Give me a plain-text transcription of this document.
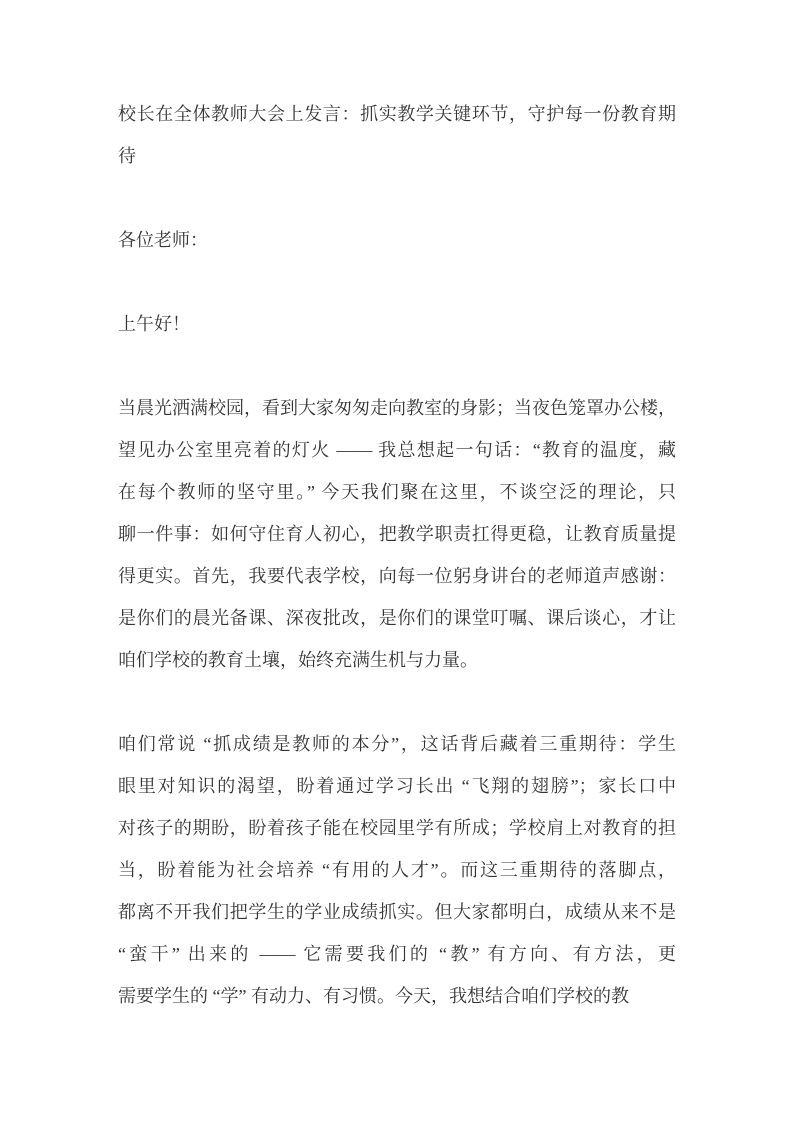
校长在全体教师大会上发言：抓实教学关键环节，守护每一份教育期
待
各位老师：
上午好！
当晨光洒满校园，看到大家匆匆走向教室的身影；当夜色笼罩办公楼，
望见办公室里亮着的灯火 —— 我总想起一句话：“教育的温度，藏
在每个教师的坚守里。” 今天我们聚在这里，不谈空泛的理论，只
聊一件事：如何守住育人初心，把教学职责扛得更稳，让教育质量提
得更实。首先，我要代表学校，向每一位躬身讲台的老师道声感谢：
是你们的晨光备课、深夜批改，是你们的课堂叮嘱、课后谈心，才让
咱们学校的教育土壤，始终充满生机与力量。
咱们常说 “抓成绩是教师的本分”，这话背后藏着三重期待：学生
眼里对知识的渴望，盼着通过学习长出 “飞翔的翅膀”；家长口中
对孩子的期盼，盼着孩子能在校园里学有所成；学校肩上对教育的担
当，盼着能为社会培养 “有用的人才”。而这三重期待的落脚点，
都离不开我们把学生的学业成绩抓实。但大家都明白，成绩从来不是
“蛮干” 出来的 —— 它需要我们的 “教” 有方向、有方法，更
需要学生的 “学” 有动力、有习惯。今天，我想结合咱们学校的教
